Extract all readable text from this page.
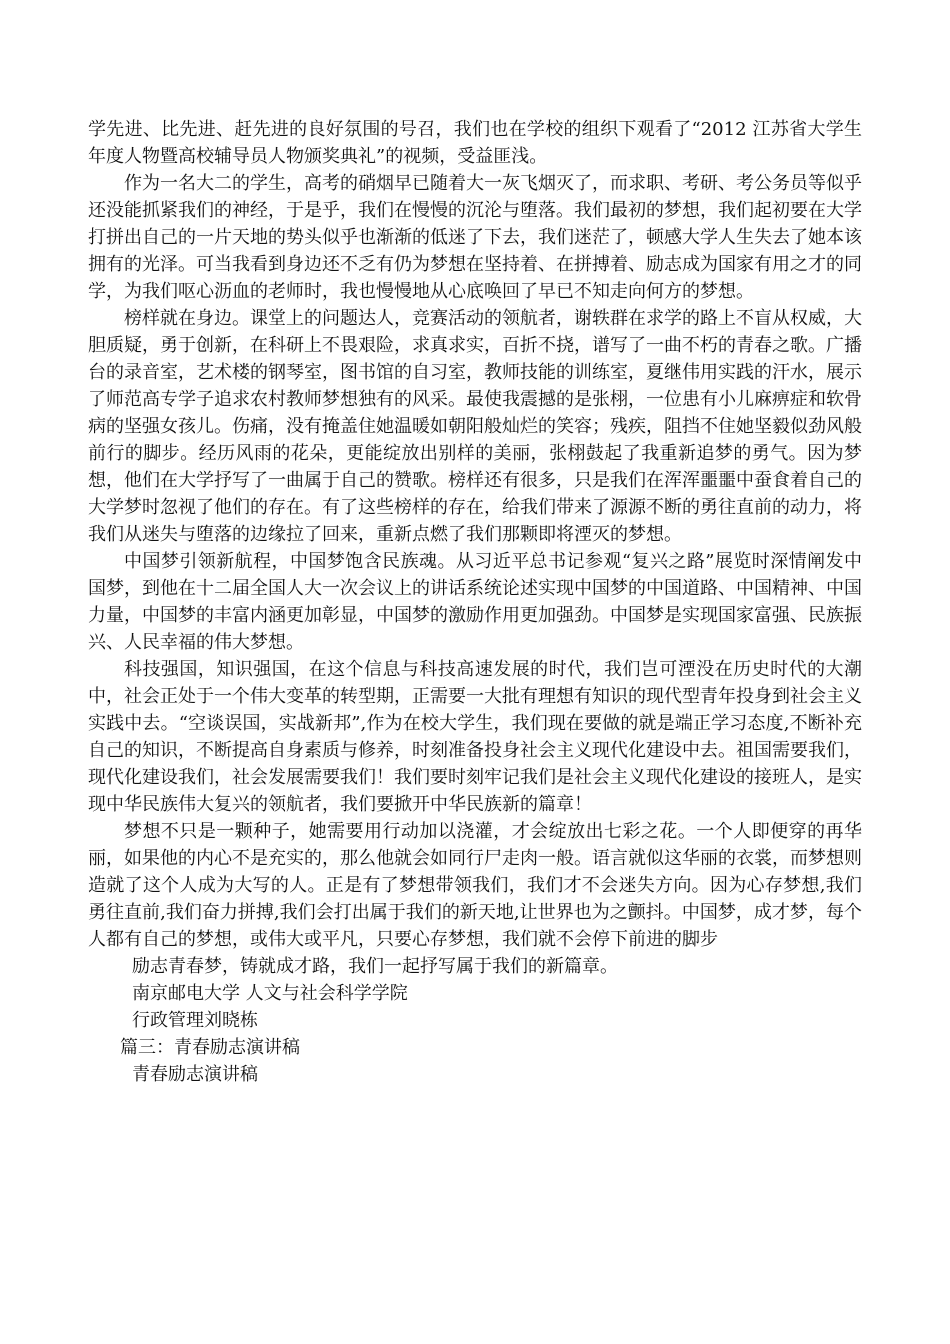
学先进、比先进、赶先进的良好氛围的号召，我们也在学校的组织下观看了“2012 江苏省大学生年度人物暨高校辅导员人物颁奖典礼”的视频，受益匪浅。

作为一名大二的学生，高考的硝烟早已随着大一灰飞烟灭了，而求职、考研、考公务员等似乎还没能抓紧我们的神经，于是乎，我们在慢慢的沉沦与堕落。我们最初的梦想，我们起初要在大学打拼出自己的一片天地的势头似乎也渐渐的低迷了下去，我们迷茫了，顿感大学人生失去了她本该拥有的光泽。可当我看到身边还不乏有仍为梦想在坚持着、在拼搏着、励志成为国家有用之才的同学，为我们呕心沥血的老师时，我也慢慢地从心底唤回了早已不知走向何方的梦想。

榜样就在身边。课堂上的问题达人，竞赛活动的领航者，谢轶群在求学的路上不盲从权威，大胆质疑，勇于创新，在科研上不畏艰险，求真求实，百折不挠，谱写了一曲不朽的青春之歌。广播台的录音室，艺术楼的钢琴室，图书馆的自习室，教师技能的训练室，夏继伟用实践的汗水，展示了师范高专学子追求农村教师梦想独有的风采。最使我震撼的是张栩，一位患有小儿麻痹症和软骨病的坚强女孩儿。伤痛，没有掩盖住她温暖如朝阳般灿烂的笑容；残疾，阻挡不住她坚毅似劲风般前行的脚步。经历风雨的花朵，更能绽放出别样的美丽，张栩鼓起了我重新追梦的勇气。因为梦想，他们在大学抒写了一曲属于自己的赞歌。榜样还有很多，只是我们在浑浑噩噩中蚕食着自己的大学梦时忽视了他们的存在。有了这些榜样的存在，给我们带来了源源不断的勇往直前的动力，将我们从迷失与堕落的边缘拉了回来，重新点燃了我们那颗即将湮灭的梦想。

中国梦引领新航程，中国梦饱含民族魂。从习近平总书记参观“复兴之路”展览时深情阐发中国梦，到他在十二届全国人大一次会议上的讲话系统论述实现中国梦的中国道路、中国精神、中国力量，中国梦的丰富内涵更加彰显，中国梦的激励作用更加强劲。中国梦是实现国家富强、民族振兴、人民幸福的伟大梦想。

科技强国，知识强国，在这个信息与科技高速发展的时代，我们岂可湮没在历史时代的大潮中，社会正处于一个伟大变革的转型期，正需要一大批有理想有知识的现代型青年投身到社会主义实践中去。“空谈误国，实战新邦”,作为在校大学生，我们现在要做的就是端正学习态度,不断补充自己的知识，不断提高自身素质与修养，时刻准备投身社会主义现代化建设中去。祖国需要我们，现代化建设我们，社会发展需要我们！我们要时刻牢记我们是社会主义现代化建设的接班人，是实现中华民族伟大复兴的领航者，我们要掀开中华民族新的篇章！

梦想不只是一颗种子，她需要用行动加以浇灌，才会绽放出七彩之花。一个人即便穿的再华丽，如果他的内心不是充实的，那么他就会如同行尸走肉一般。语言就似这华丽的衣裳，而梦想则造就了这个人成为大写的人。正是有了梦想带领我们，我们才不会迷失方向。因为心存梦想,我们勇往直前,我们奋力拼搏,我们会打出属于我们的新天地,让世界也为之颤抖。中国梦，成才梦，每个人都有自己的梦想，或伟大或平凡，只要心存梦想，我们就不会停下前进的脚步

励志青春梦，铸就成才路，我们一起抒写属于我们的新篇章。

南京邮电大学 人文与社会科学学院

行政管理刘晓栋

篇三：青春励志演讲稿

青春励志演讲稿
